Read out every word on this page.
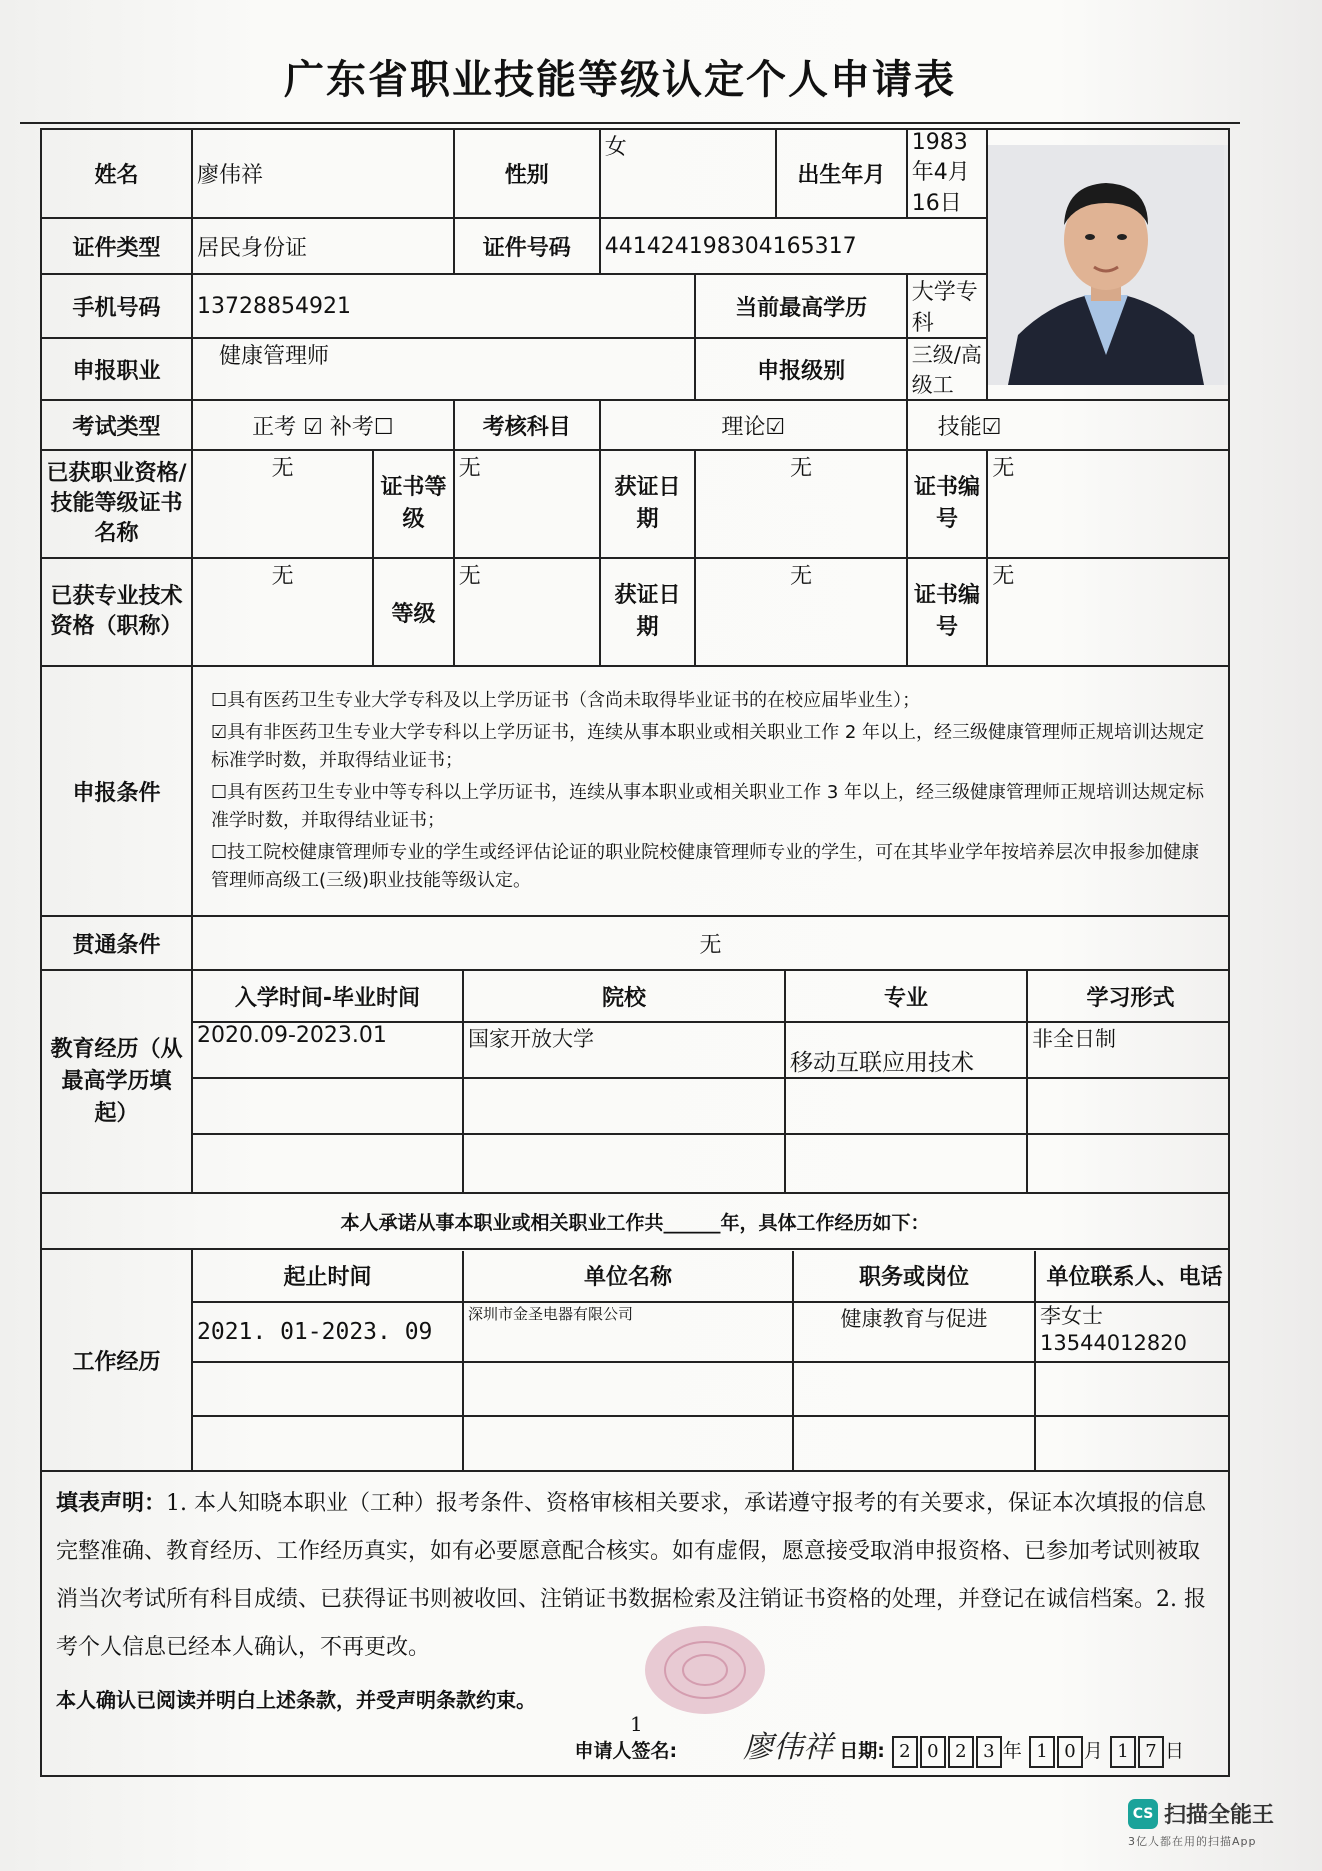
广东省职业技能等级认定个人申请表
姓名	廖伟祥	性别	女	出生年月	1983年4月16日	

证件类型	居民身份证	证件号码	441424198304165317
手机号码	13728854921	当前最高学历	大学专科
申报职业	健康管理师	申报级别	三级/高级工
考试类型	正考 ☑ 补考☐	考核科目	理论☑	技能☑
已获职业资格/技能等级证书名称	无	证书等级	无	获证日期	无	证书编号	无
已获专业技术资格（职称）	无	等级	无	获证日期	无	证书编号	无
申报条件	

☐具有医药卫生专业大学专科及以上学历证书（含尚未取得毕业证书的在校应届毕业生）；

☑具有非医药卫生专业大学专科以上学历证书，连续从事本职业或相关职业工作 2 年以上，经三级健康管理师正规培训达规定标准学时数，并取得结业证书；

☐具有医药卫生专业中等专科以上学历证书，连续从事本职业或相关职业工作 3 年以上，经三级健康管理师正规培训达规定标准学时数，并取得结业证书；

☐技工院校健康管理师专业的学生或经评估论证的职业院校健康管理师专业的学生，可在其毕业学年按培养层次申报参加健康管理师高级工(三级)职业技能等级认定。

贯通条件	无
教育经历（从最高学历填起）	
入学时间-毕业时间	院校	专业	学习形式
2020.09-2023.01	国家开放大学	移动互联应用技术	非全日制

本人承诺从事本职业或相关职业工作共______年，具体工作经历如下：
工作经历	
起止时间	单位名称	职务或岗位	单位联系人、电话
2021. 01-2023. 09	深圳市金圣电器有限公司	健康教育与促进	李女士
13544012820

填表声明：1. 本人知晓本职业（工种）报考条件、资格审核相关要求，承诺遵守报考的有关要求，保证本次填报的信息完整准确、教育经历、工作经历真实，如有必要愿意配合核实。如有虚假，愿意接受取消申报资格、已参加考试则被取消当次考试所有科目成绩、已获得证书则被收回、注销证书数据检索及注销证书资格的处理，并登记在诚信档案。2. 报考个人信息已经本人确认，不再更改。
本人确认已阅读并明白上述条款，并受声明条款约束。
申请人签名: 廖伟祥 日期: 2 0 2 3 年 1 0 月 1 7 日
1
CS 扫描全能王
3亿人都在用的扫描App
